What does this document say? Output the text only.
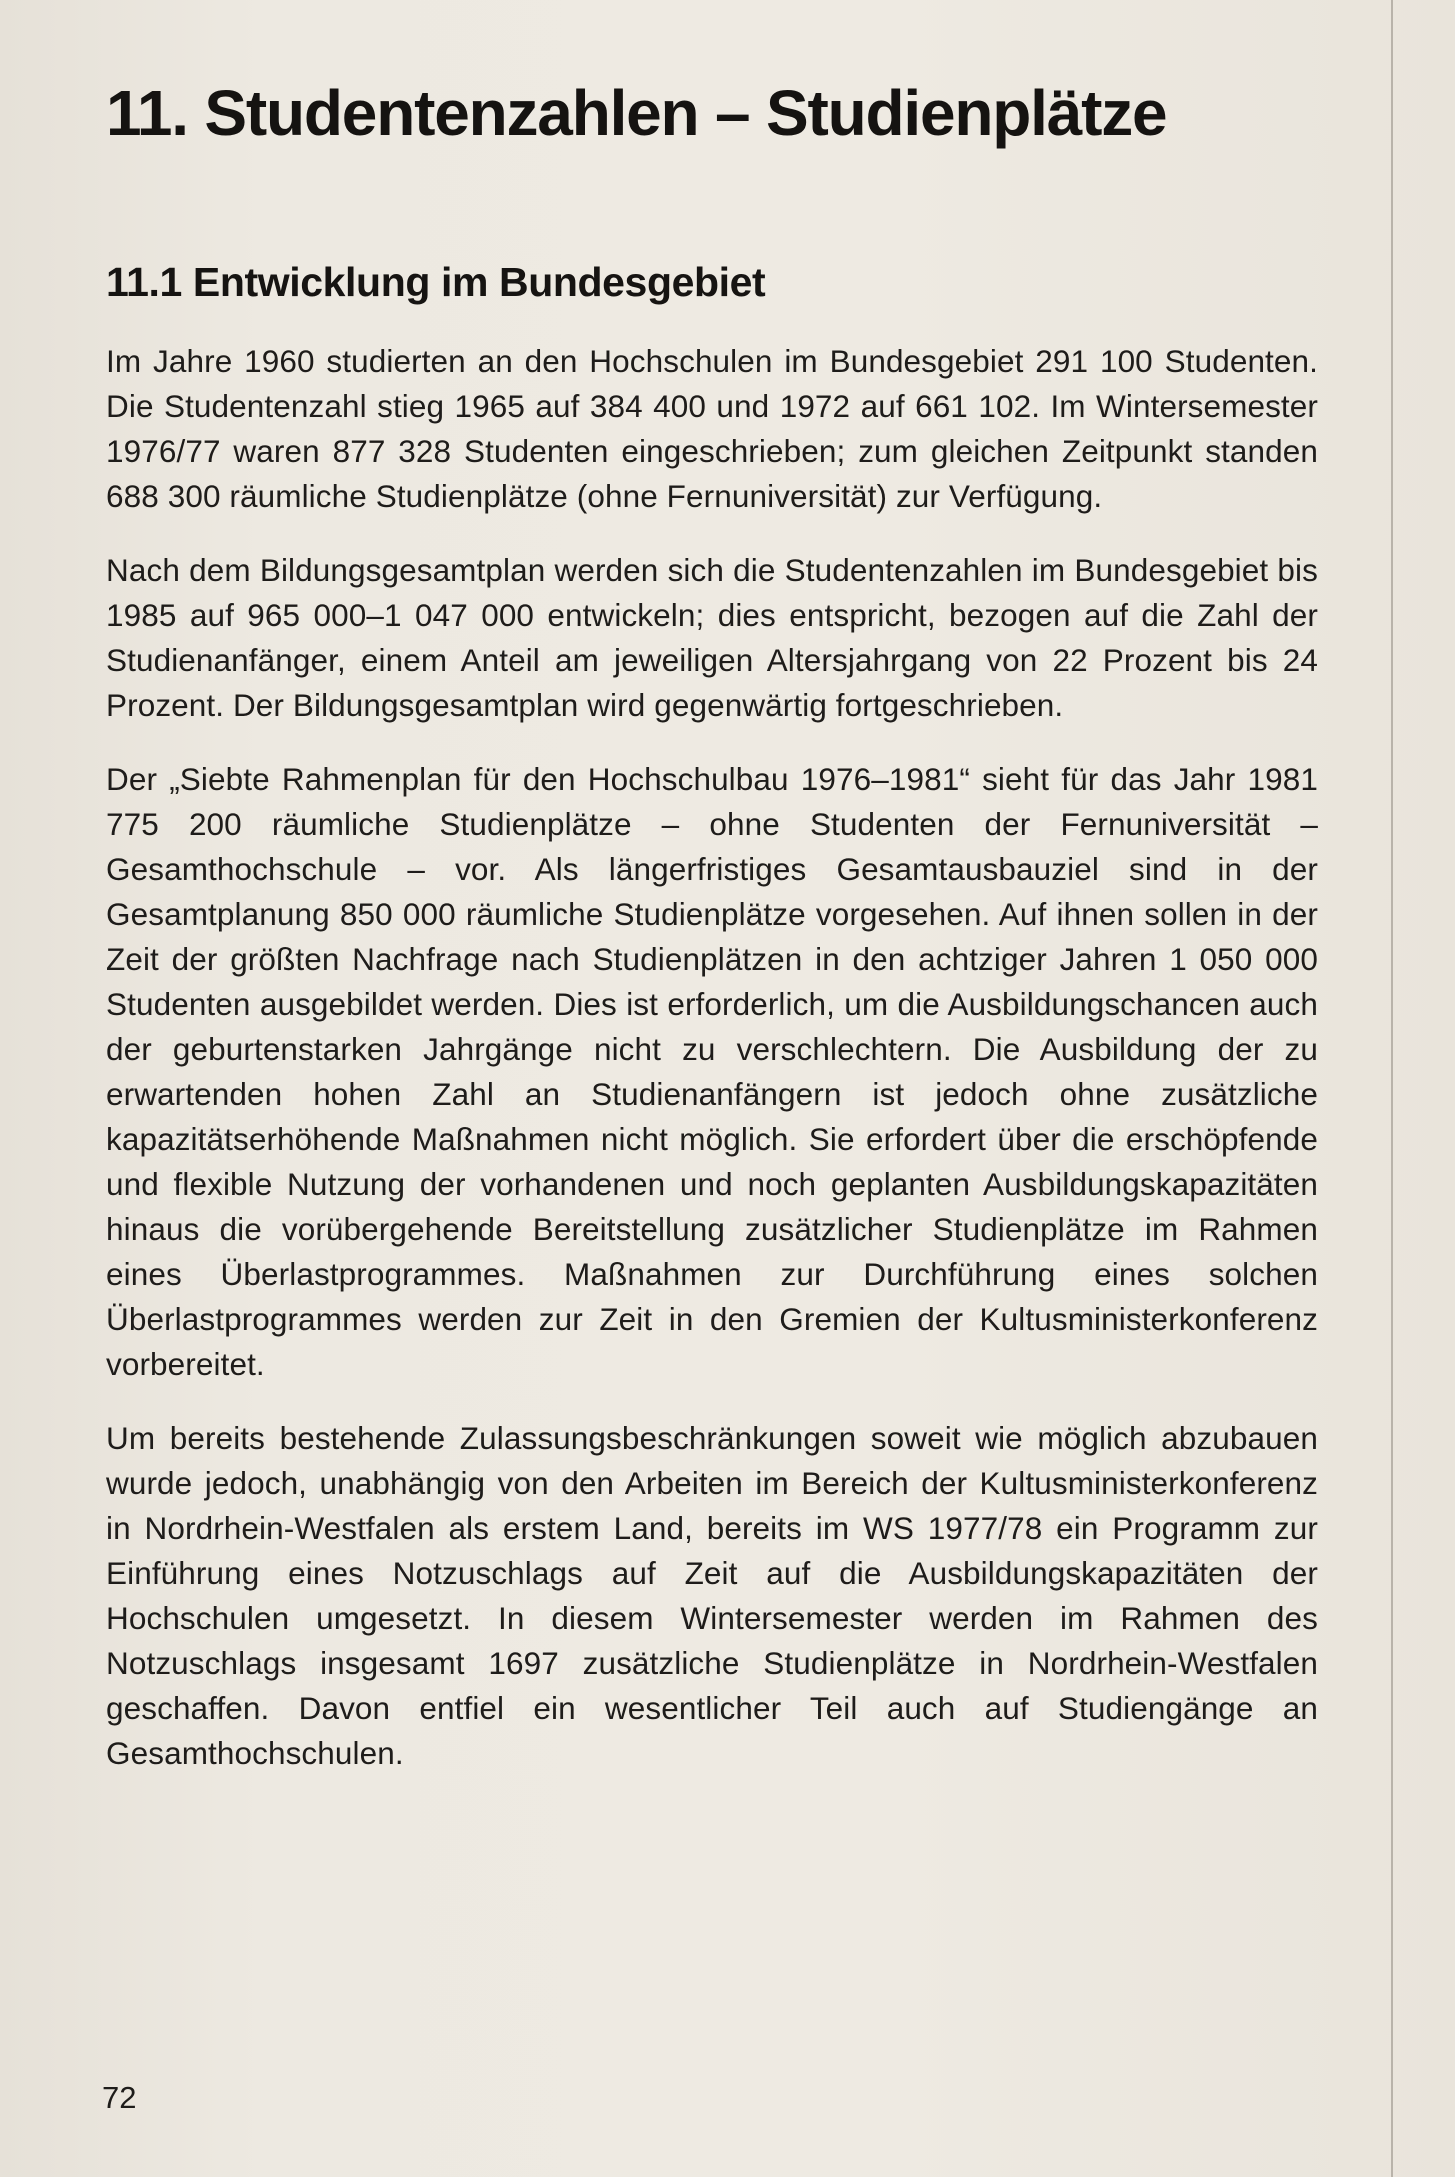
11. Studentenzahlen – Studienplätze
11.1 Entwicklung im Bundesgebiet

Im Jahre 1960 studierten an den Hochschulen im Bundesgebiet 291 100 Studenten. Die Studentenzahl stieg 1965 auf 384 400 und 1972 auf 661 102. Im Wintersemester 1976/77 waren 877 328 Studenten eingeschrieben; zum gleichen Zeitpunkt standen 688 300 räumliche Studienplätze (ohne Fernuniversität) zur Verfügung.

Nach dem Bildungsgesamtplan werden sich die Studentenzahlen im Bundesgebiet bis 1985 auf 965 000–1 047 000 entwickeln; dies entspricht, bezogen auf die Zahl der Studienanfänger, einem Anteil am jeweiligen Altersjahrgang von 22 Prozent bis 24 Prozent. Der Bildungsgesamtplan wird gegenwärtig fortgeschrieben.

Der „Siebte Rahmenplan für den Hochschulbau 1976–1981“ sieht für das Jahr 1981 775 200 räumliche Studienplätze – ohne Studenten der Fernuniversität – Gesamthochschule – vor. Als längerfristiges Gesamtausbauziel sind in der Gesamtplanung 850 000 räumliche Studienplätze vorgesehen. Auf ihnen sollen in der Zeit der größten Nachfrage nach Studienplätzen in den achtziger Jahren 1 050 000 Studenten ausgebildet werden. Dies ist erforderlich, um die Ausbildungschancen auch der geburtenstarken Jahrgänge nicht zu verschlechtern. Die Ausbildung der zu erwartenden hohen Zahl an Studienanfängern ist jedoch ohne zusätzliche kapazitätserhöhende Maßnahmen nicht möglich. Sie erfordert über die erschöpfende und flexible Nutzung der vorhandenen und noch geplanten Ausbildungskapazitäten hinaus die vorübergehende Bereitstellung zusätzlicher Studienplätze im Rahmen eines Überlastprogrammes. Maßnahmen zur Durchführung eines solchen Überlastprogrammes werden zur Zeit in den Gremien der Kultusministerkonferenz vorbereitet.

Um bereits bestehende Zulassungsbeschränkungen soweit wie möglich abzubauen wurde jedoch, unabhängig von den Arbeiten im Bereich der Kultusministerkonferenz in Nordrhein-Westfalen als erstem Land, bereits im WS 1977/78 ein Programm zur Einführung eines Notzuschlags auf Zeit auf die Ausbildungskapazitäten der Hochschulen umgesetzt. In diesem Wintersemester werden im Rahmen des Notzuschlags insgesamt 1697 zusätzliche Studienplätze in Nordrhein-Westfalen geschaffen. Davon entfiel ein wesentlicher Teil auch auf Studiengänge an Gesamthochschulen.

72
